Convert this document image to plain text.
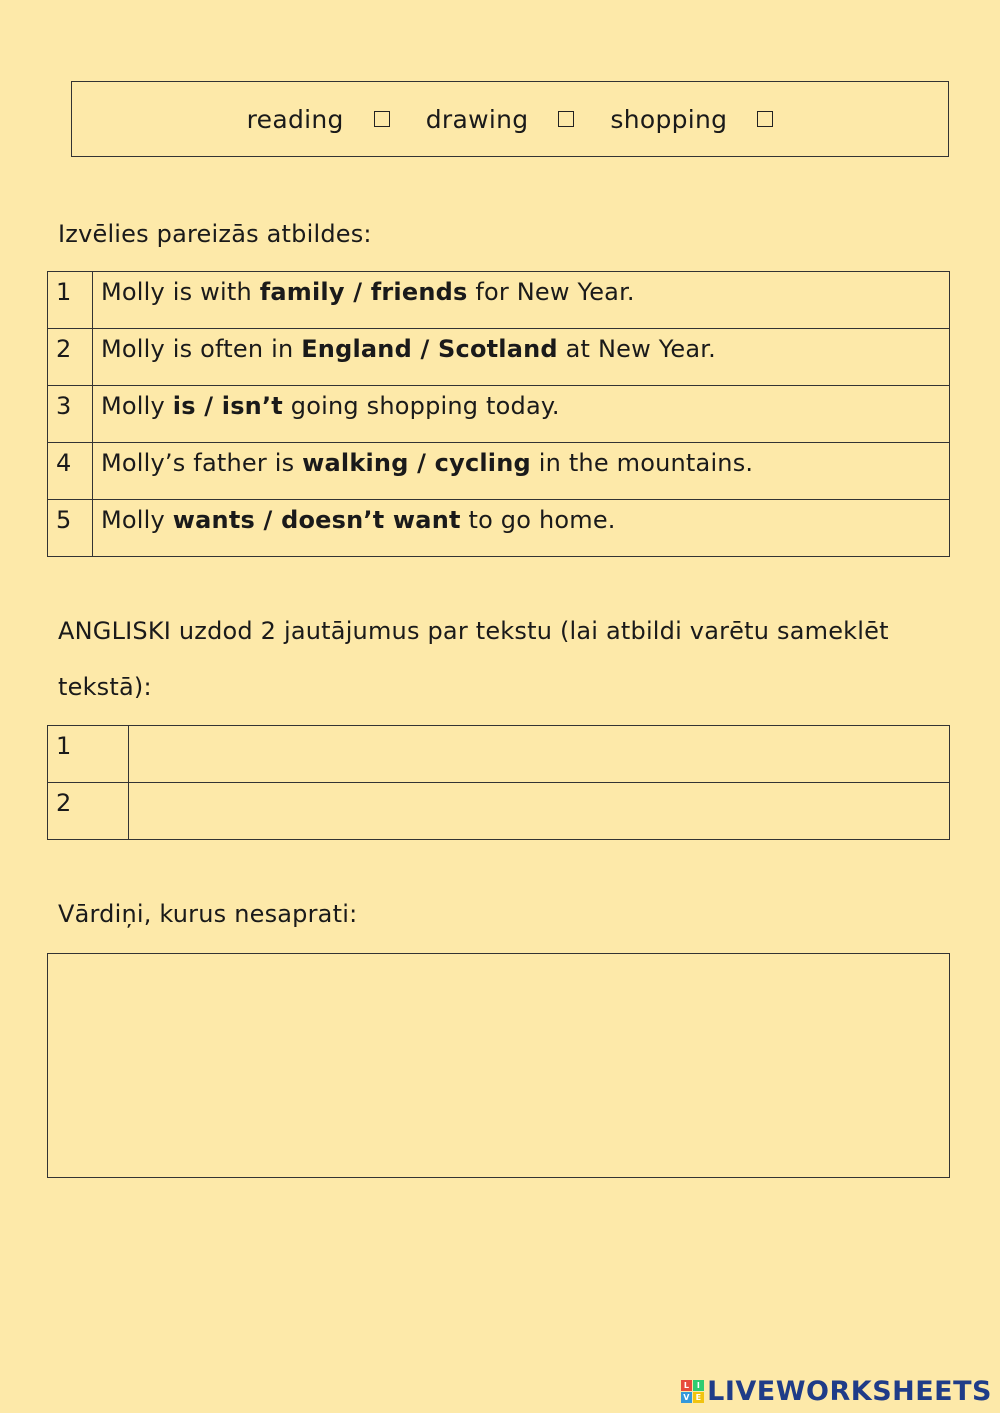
reading	drawing	shopping
Izvēlies pareizās atbildes:
1	Molly is with family / friends for New Year.
2	Molly is often in England / Scotland at New Year.
3	Molly is / isn’t going shopping today.
4	Molly’s father is walking / cycling in the mountains.
5	Molly wants / doesn’t want to go home.
ANGLISKI uzdod 2 jautājumus par tekstu (lai atbildi varētu sameklēt
tekstā):
1	
2	
Vārdiņi, kurus nesaprati:
L I
V E LIVEWORKSHEETS
